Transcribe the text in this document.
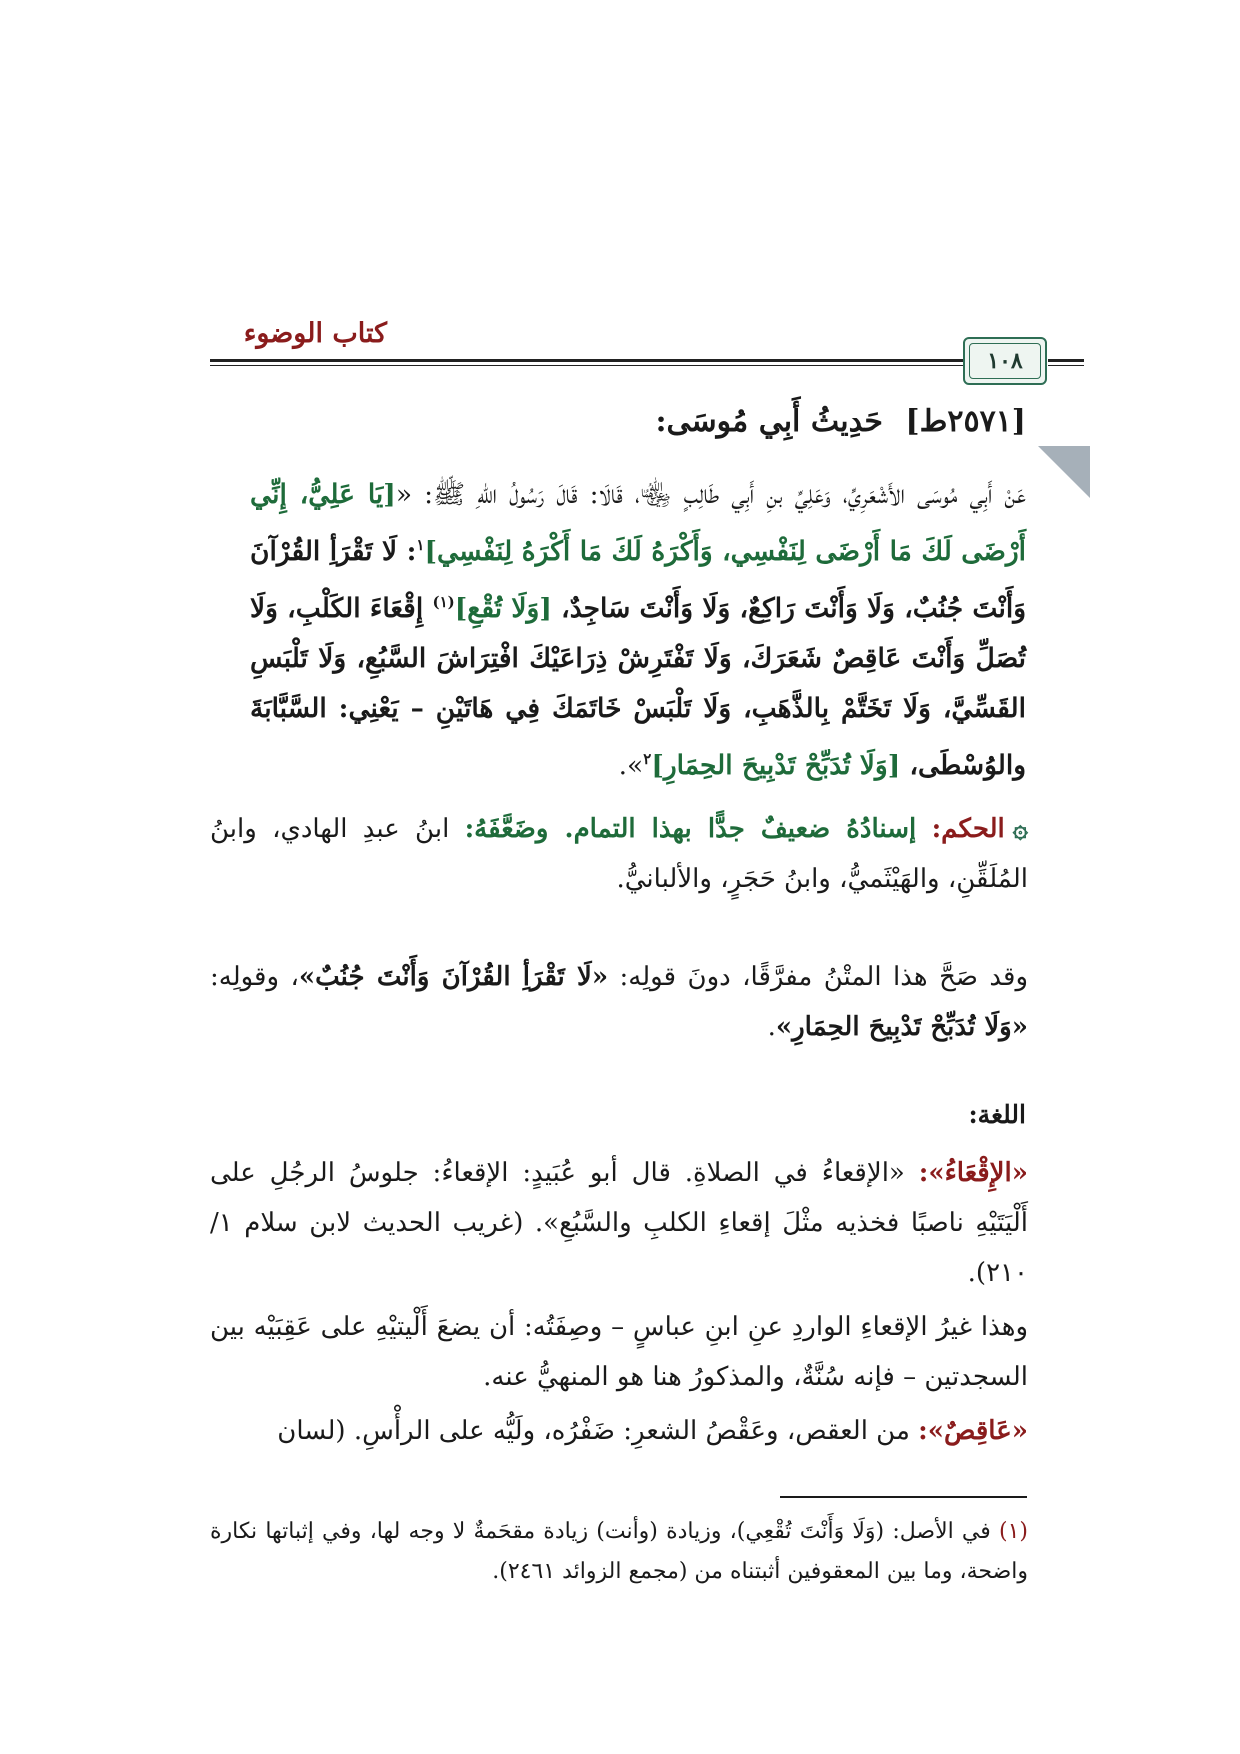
كتاب الوضوء
١٠٨
[٢٥٧١ط] حَدِيثُ أَبِي مُوسَى:
عَنْ أَبِي مُوسَى الأَشْعَرِيِّ، وَعَلِيِّ بنِ أَبِي طَالِبٍ ﵄، قَالَا: قَالَ رَسُولُ اللهِ ﷺ: «[يَا عَلِيُّ، إِنِّي أَرْضَى لَكَ مَا أَرْضَى لِنَفْسِي، وَأَكْرَهُ لَكَ مَا أَكْرَهُ لِنَفْسِي]$^١$: لَا تَقْرَأِ القُرْآنَ وَأَنْتَ جُنُبٌ، وَلَا وَأَنْتَ رَاكِعٌ، وَلَا وَأَنْتَ سَاجِدٌ، [وَلَا تُقْعِ]$^{(١)}$ إِقْعَاءَ الكَلْبِ، وَلَا تُصَلِّ وَأَنْتَ عَاقِصٌ شَعَرَكَ، وَلَا تَفْتَرِشْ ذِرَاعَيْكَ افْتِرَاشَ السَّبُعِ، وَلَا تَلْبَسِ القَسِّيَّ، وَلَا تَخَتَّمْ بِالذَّهَبِ، وَلَا تَلْبَسْ خَاتَمَكَ فِي هَاتَيْنِ – يَعْنِي: السَّبَّابَةَ والوُسْطَى، [وَلَا تُدَبِّحْ تَدْبِيحَ الحِمَارِ]$^٢$».
۞الحكم: إسنادُهُ ضعيفٌ جدًّا بهذا التمام. وضَعَّفَهُ: ابنُ عبدِ الهادي، وابنُ المُلَقِّنِ، والهَيْثَميُّ، وابنُ حَجَرٍ، والألبانيُّ.
وقد صَحَّ هذا المتْنُ مفرَّقًا، دونَ قولِه: «لَا تَقْرَأِ القُرْآنَ وَأَنْتَ جُنُبٌ»، وقولِه: «وَلَا تُدَبِّحْ تَدْبِيحَ الحِمَارِ».
اللغة:
«الإِقْعَاءُ»: «الإقعاءُ في الصلاةِ. قال أبو عُبَيدٍ: الإقعاءُ: جلوسُ الرجُلِ على أَلْيَتَيْهِ ناصبًا فخذيه مثْلَ إقعاءِ الكلبِ والسَّبُعِ». (غريب الحديث لابن سلام ١/ ٢١٠).
وهذا غيرُ الإقعاءِ الواردِ عنِ ابنِ عباسٍ – وصِفَتُه: أن يضعَ أَلْيتيْهِ على عَقِبَيْه بين السجدتين – فإنه سُنَّةٌ، والمذكورُ هنا هو المنهيُّ عنه.
«عَاقِصٌ»: من العقص، وعَقْصُ الشعرِ: ضَفْرُه، ولَيُّه على الرأْسِ. (لسان
(١) في الأصل: (وَلَا وَأَنْتَ تُقْعِي)، وزيادة (وأنت) زيادة مقحَمةٌ لا وجه لها، وفي إثباتها نكارة واضحة، وما بين المعقوفين أثبتناه من (مجمع الزوائد ٢٤٦١).
